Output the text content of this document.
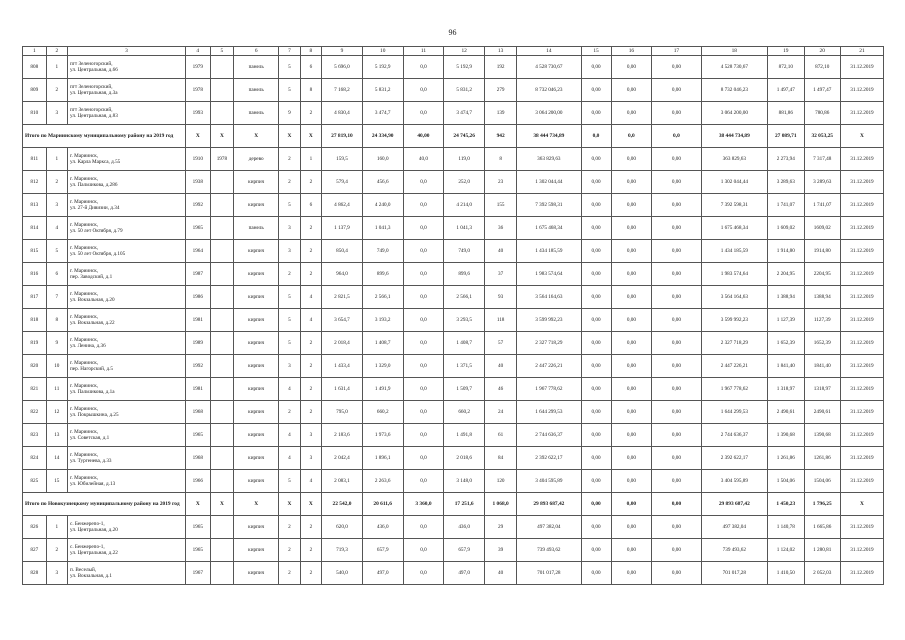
96
1	2	3	4	5	6	7	8	9	10	11	12	13	14	15	16	17	18	19	20	21
808	1	пгт Зеленогорский,
ул. Центральная, д.66	1979		панель	5	6	5 696,0	5 192,9	0,0	5 192,9	192	4 528 730,67	0,00	0,00	0,00	4 528 730,67	872,10	872,10	31.12.2019
809	2	пгт Зеленогорский,
ул. Центральная, д.3а	1978		панель	5	8	7 168,2	5 831,2	0,0	5 831,2	279	8 732 046,23	0,00	0,00	0,00	8 732 046,23	1 497,47	1 497,47	31.12.2019
810	3	пгт Зеленогорский,
ул. Центральная, д.83	1993		панель	9	2	4 830,4	3 474,7	0,0	3 474,7	139	3 064 200,00	0,00	0,00	0,00	3 064 200,00	881,86	780,86	31.12.2019
Итого по Мариинскому муниципальному району на 2019 год			X	X	X	X	X	27 819,10	24 334,90	40,00	24 745,26	942	38 444 734,89	0,0	0,0	0,0	38 444 734,89	27 089,71	32 053,25	X
811	1	г. Мариинск,
ул. Карла Маркса, д.55	1910	1978	дерево	2	1	159,5	160,0	40,0	119,0	8	363 829,63	0,00	0,00	0,00	363 829,63	2 273,94	7 317,48	31.12.2019
812	2	г. Мариинск,
ул. Пальчикова, д.286	1938		кирпич	2	2	579,4	456,6	0,0	252,0	23	1 302 044,44	0,00	0,00	0,00	1 302 044,44	3 289,63	3 289,63	31.12.2019
813	3	г. Мариинск,
ул. 27-й Дивизии, д.34	1992		кирпич	5	6	4 862,4	4 240,0	0,0	4 214,0	155	7 392 598,31	0,00	0,00	0,00	7 392 598,31	1 741,07	1 741,07	31.12.2019
814	4	г. Мариинск,
ул. 50 лет Октября, д.79	1965		панель	3	2	1 137,9	1 041,3	0,0	1 041,3	36	1 675 468,34	0,00	0,00	0,00	1 675 468,34	1 609,02	1609,02	31.12.2019
815	5	г. Мариинск,
ул. 50 лет Октября, д.105	1964		кирпич	3	2	850,4	749,0	0,0	749,0	40	1 434 185,59	0,00	0,00	0,00	1 434 185,59	1 914,80	1914,80	31.12.2019
816	6	г. Мариинск,
пер. Заводский, д.1	1987		кирпич	2	2	964,0	899,6	0,0	899,6	37	1 983 574,64	0,00	0,00	0,00	1 983 574,64	2 204,95	2204,95	31.12.2019
817	7	г. Мариинск,
ул. Вокзальная, д.20	1986		кирпич	5	4	2 821,5	2 566,1	0,0	2 566,1	93	3 564 164,63	0,00	0,00	0,00	3 564 164,63	1 388,94	1388,94	31.12.2019
818	8	г. Мариинск,
ул. Вокзальная, д.22	1981		кирпич	5	4	3 654,7	3 193,2	0,0	3 293,5	118	3 599 992,23	0,00	0,00	0,00	3 599 992,23	1 127,39	1127,39	31.12.2019
819	9	г. Мариинск,
ул. Ленина, д.36	1989		кирпич	5	2	2 018,4	1 408,7	0,0	1 408,7	57	2 327 718,29	0,00	0,00	0,00	2 327 718,29	1 652,39	1652,39	31.12.2019
820	10	г. Мариинск,
пер. Нагорский, д.5	1992		кирпич	3	2	1 433,4	1 329,0	0,0	1 371,5	40	2 447 226,21	0,00	0,00	0,00	2 447 226,21	1 841,40	1841,40	31.12.2019
821	11	г. Мариинск,
ул. Пальчикова, д.1а	1981		кирпич	4	2	1 631,4	1 491,9	0,0	1 509,7	46	1 967 778,62	0,00	0,00	0,00	1 967 778,62	1 318,97	1318,97	31.12.2019
822	12	г. Мариинск,
ул. Покрышкина, д.25	1968		кирпич	2	2	795,0	660,2	0,0	660,2	24	1 644 299,53	0,00	0,00	0,00	1 644 299,53	2 490,61	2490,61	31.12.2019
823	13	г. Мариинск,
ул. Советская, д.1	1965		кирпич	4	3	2 183,6	1 973,6	0,0	1 491,8	61	2 744 636,37	0,00	0,00	0,00	2 744 636,37	1 390,68	1390,68	31.12.2019
824	14	г. Мариинск,
ул. Тургенева, д.33	1968		кирпич	4	3	2 042,4	1 896,1	0,0	2 018,6	84	2 392 622,17	0,00	0,00	0,00	2 392 622,17	1 261,86	1261,86	31.12.2019
825	15	г. Мариинск,
ул. Юбилейная, д.13	1966		кирпич	5	4	2 083,1	2 263,6	0,0	3 148,0	120	3 404 595,89	0,00	0,00	0,00	3 404 595,89	1 504,06	1504,06	31.12.2019
Итого по Новокузнецкому муниципальному району на 2019 год			X	X	X	X	X	22 542,0	20 611,6	3 360,0	17 251,6	1 068,0	29 893 687,42	0,00	0,00	0,00	29 893 687,42	1 450,23	1 796,25	X
826	1	с. Бенжерепо-1,
ул. Центральная, д.20	1965		кирпич	2	2	620,0	436,0	0,0	436,0	29	497 382,04	0,00	0,00	0,00	497 382,04	1 140,78	1 665,86	31.12.2019
827	2	с. Бенжерепо-1,
ул. Центральная, д.22	1965		кирпич	2	2	719,3	657,9	0,0	657,9	39	739 493,62	0,00	0,00	0,00	739 493,62	1 124,02	1 280,81	31.12.2019
828	3	п. Веселый,
ул. Вокзальная, д.1	1967		кирпич	2	2	540,0	497,0	0,0	497,0	40	701 017,28	0,00	0,00	0,00	701 017,28	1 410,50	2 052,03	31.12.2019
